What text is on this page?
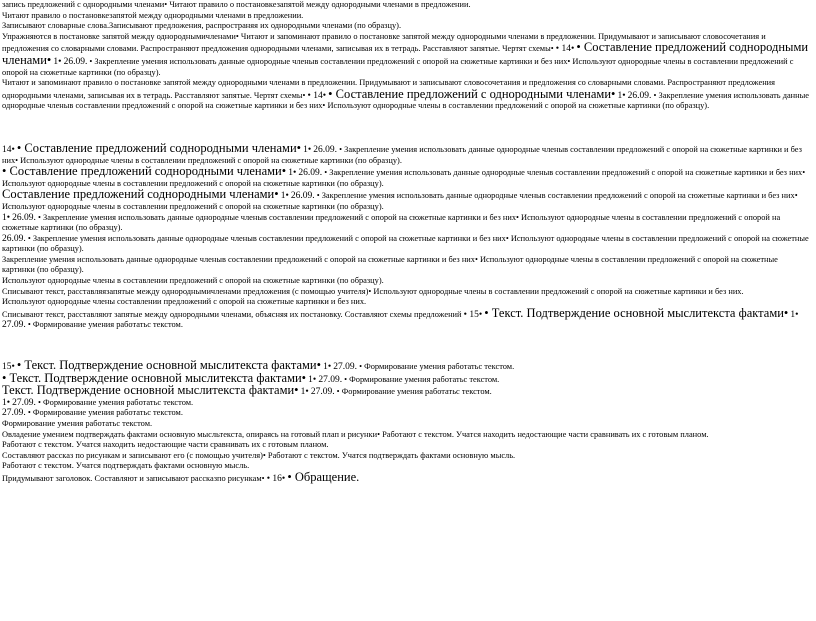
запись предложений с однородными членами• Читают правило о постановкезапятой между однородными членами в предложении.

Читают правило о постановкезапятой между однородными членами в предложении.

Записывают словарные слова.Записывают предложения, распространяя их однородными членами (по образцу).

Упражняются в постановке запятой между однороднымичленами• Читают и запоминают правило о постановке запятой между однородными членами в предложении. Придумывают и записывают словосочетания и предложения со словарными словами. Распространяют предложения однородными членами, записывая их в тетрадь. Расставляют запятые. Чертят схемы• • 14• • Составление предложений соднородными членами• 1• 26.09. • Закрепление умения использовать данные однородные членыв составлении предложений с опорой на сюжетные картинки и без них• Используют однородные члены в составлении предложений с опорой на сюжетные картинки (по образцу).

Читают и запоминают правило о постановке запятой между однородными членами в предложении. Придумывают и записывают словосочетания и предложения со словарными словами. Распространяют предложения однородными членами, записывая их в тетрадь. Расставляют запятые. Чертят схемы• • 14• • Составление предложений с однородными членами• 1• 26.09. • Закрепление умения использовать данные однородные членыв составлении предложений с опорой на сюжетные картинки и без них• Используют однородные члены в составлении предложений с опорой на сюжетные картинки (по образцу).

14• • Составление предложений соднородными членами• 1• 26.09. • Закрепление умения использовать данные однородные членыв составлении предложений с опорой на сюжетные картинки и без них• Используют однородные члены в составлении предложений с опорой на сюжетные картинки (по образцу).

• Составление предложений соднородными членами• 1• 26.09. • Закрепление умения использовать данные однородные членыв составлении предложений с опорой на сюжетные картинки и без них• Используют однородные члены в составлении предложений с опорой на сюжетные картинки (по образцу).

Составление предложений соднородными членами• 1• 26.09. • Закрепление умения использовать данные однородные членыв составлении предложений с опорой на сюжетные картинки и без них• Используют однородные члены в составлении предложений с опорой на сюжетные картинки (по образцу).

1• 26.09. • Закрепление умения использовать данные однородные членыв составлении предложений с опорой на сюжетные картинки и без них• Используют однородные члены в составлении предложений с опорой на сюжетные картинки (по образцу).

26.09. • Закрепление умения использовать данные однородные членыв составлении предложений с опорой на сюжетные картинки и без них• Используют однородные члены в составлении предложений с опорой на сюжетные картинки (по образцу).

Закрепление умения использовать данные однородные членыв составлении предложений с опорой на сюжетные картинки и без них• Используют однородные члены в составлении предложений с опорой на сюжетные картинки (по образцу).

Используют однородные члены в составлении предложений с опорой на сюжетные картинки (по образцу).

Списывают текст, расставляязапятые между однороднымичленами предложения (с помощью учителя)• Используют однородные члены в составлении предложений с опорой на сюжетные картинки и без них.

Используют однородные члены составлении предложений с опорой на сюжетные картинки и без них.

Списывают текст, расставляют запятые между однородными членами, объясняя их постановку. Составляют схемы предложений • 15• • Текст. Подтверждение основной мыслитекста фактами• 1• 27.09. • Формирование умения работатьс текстом.

15• • Текст. Подтверждение основной мыслитекста фактами• 1• 27.09. • Формирование умения работатьс текстом.

• Текст. Подтверждение основной мыслитекста фактами• 1• 27.09. • Формирование умения работатьс текстом.

Текст. Подтверждение основной мыслитекста фактами• 1• 27.09. • Формирование умения работатьс текстом.

1• 27.09. • Формирование умения работатьс текстом.

27.09. • Формирование умения работатьс текстом.

Формирование умения работатьс текстом.

Овладение умением подтверждать фактами основную мысльтекста, опираясь на готовый плап и рисунки• Работают с текстом. Учатся находить недостающие части сравнивать их с готовым планом.

Работают с текстом. Учатся находить недостающие части сравнивать их с готовым планом.

Составляют рассказ по рисункам и записывают его (с помощью учителя)• Работают с текстом. Учатся подтверждать фактами основную мысль.

Работают с текстом. Учатся подтверждать фактами основную мысль.

Придумывают заголовок. Составляют и записывают рассказпо рисункам• • 16• • Обращение.
